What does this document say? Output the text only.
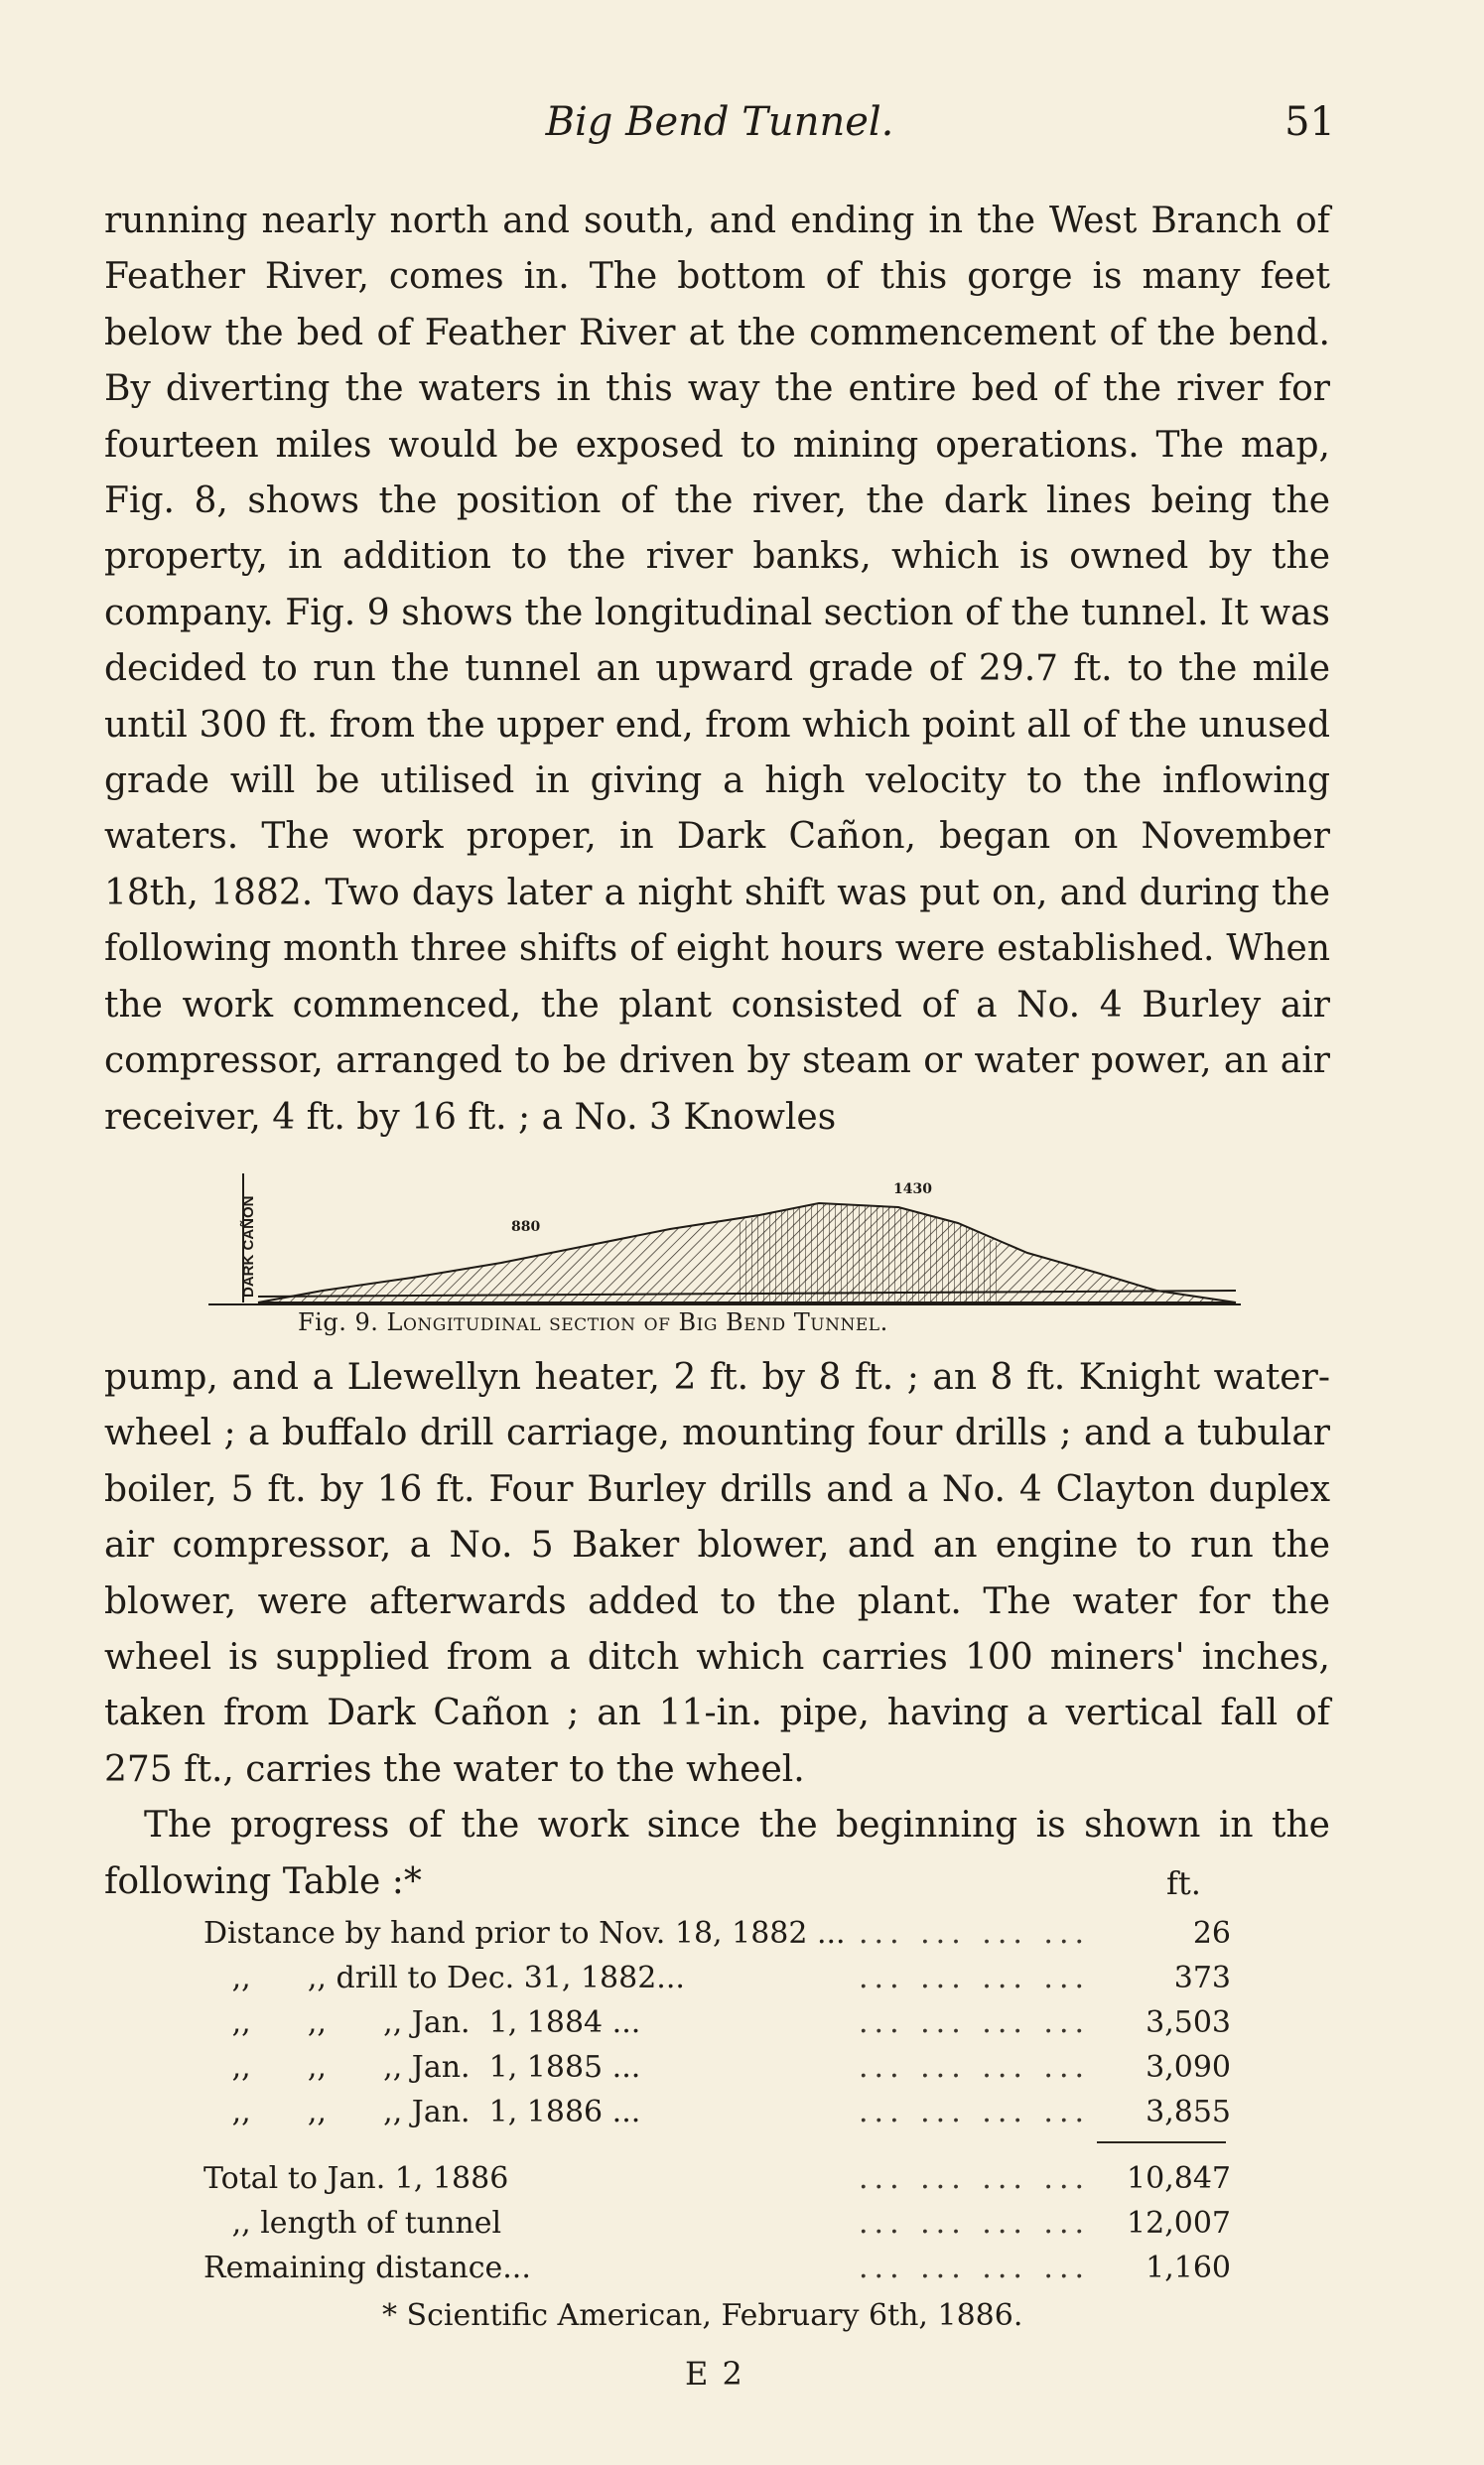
Big Bend Tunnel.	51

running nearly north and south, and ending in the West Branch of Feather River, comes in. The bottom of this gorge is many feet below the bed of Feather River at the commencement of the bend. By diverting the waters in this way the entire bed of the river for fourteen miles would be exposed to mining operations. The map, Fig. 8, shows the position of the river, the dark lines being the property, in addition to the river banks, which is owned by the company. Fig. 9 shows the longitudinal section of the tunnel. It was decided to run the tunnel an upward grade of 29.7 ft. to the mile until 300 ft. from the upper end, from which point all of the unused grade will be utilised in giving a high velocity to the inflowing waters. The work proper, in Dark Cañon, began on November 18th, 1882. Two days later a night shift was put on, and during the following month three shifts of eight hours were established. When the work commenced, the plant consisted of a No. 4 Burley air compressor, arranged to be driven by steam or water power, an air receiver, 4 ft. by 16 ft. ; a No. 3 Knowles

DARK CAÑON	880
1430
Fig. 9. Longitudinal section of Big Bend Tunnel.

pump, and a Llewellyn heater, 2 ft. by 8 ft. ; an 8 ft. Knight water-wheel ; a buffalo drill carriage, mounting four drills ; and a tubular boiler, 5 ft. by 16 ft. Four Burley drills and a No. 4 Clayton duplex air compressor, a No. 5 Baker blower, and an engine to run the blower, were afterwards added to the plant. The water for the wheel is supplied from a ditch which carries 100 miners' inches, taken from Dark Cañon ; an 11-in. pipe, having a vertical fall of 275 ft., carries the water to the wheel.

The progress of the work since the beginning is shown in the following Table :*	ft.
Distance by hand prior to Nov. 18, 1882 ... ... ... ... ...	26
,,      ,, drill to Dec. 31, 1882...	... ... ... ...	373
,,      ,,      ,, Jan.  1, 1884 ...	... ... ... ... 3,503
,,      ,,      ,, Jan.  1, 1885 ...	... ... ... ... 3,090
,,      ,,      ,, Jan.  1, 1886 ...	... ... ... ... 3,855
Total to Jan. 1, 1886	... ... ... ... 10,847
,, length of tunnel	... ... ... ... 12,007
Remaining distance...	... ... ... ... 1,160
* Scientific American, February 6th, 1886.
E 2
